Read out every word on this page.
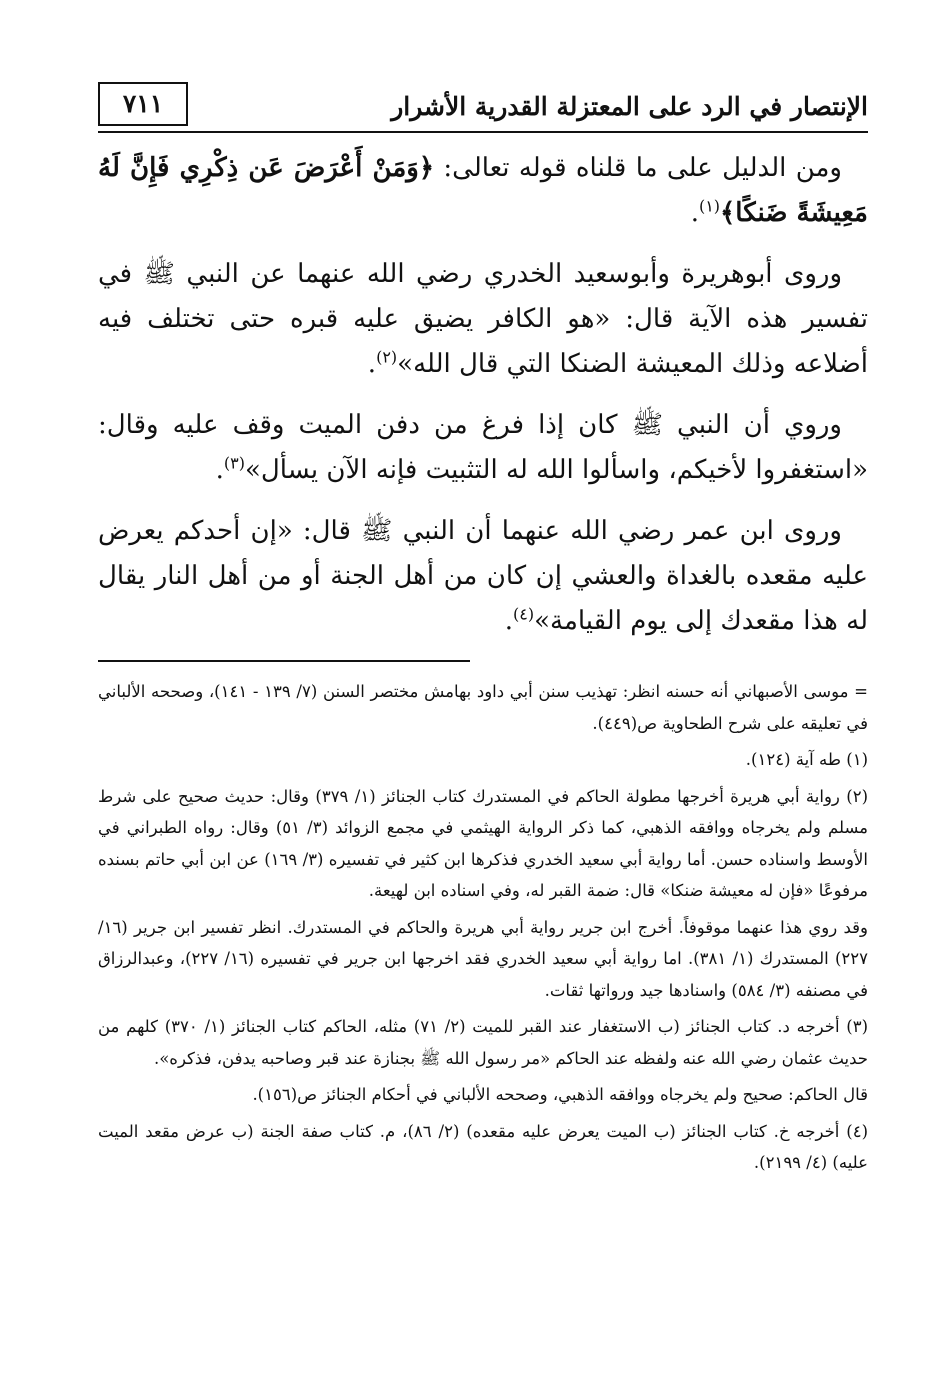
الإنتصار في الرد على المعتزلة القدرية الأشرار
٧١١

ومن الدليل على ما قلناه قوله تعالى: ﴿وَمَنْ أَعْرَضَ عَن ذِكْرِي فَإِنَّ لَهُ مَعِيشَةً ضَنكًا﴾$^{(١)}$.

وروى أبوهريرة وأبوسعيد الخدري رضي الله عنهما عن النبي ﷺ في تفسير هذه الآية قال: «هو الكافر يضيق عليه قبره حتى تختلف فيه أضلاعه وذلك المعيشة الضنكا التي قال الله»$^{(٢)}$.

وروي أن النبي ﷺ كان إذا فرغ من دفن الميت وقف عليه وقال: «استغفروا لأخيكم، واسألوا الله له التثبيت فإنه الآن يسأل»$^{(٣)}$.

وروى ابن عمر رضي الله عنهما أن النبي ﷺ قال: «إن أحدكم يعرض عليه مقعده بالغداة والعشي إن كان من أهل الجنة أو من أهل النار يقال له هذا مقعدك إلى يوم القيامة»$^{(٤)}$.

= موسى الأصبهاني أنه حسنه انظر: تهذيب سنن أبي داود بهامش مختصر السنن (٧/ ١٣٩ - ١٤١)، وصححه الألباني في تعليقه على شرح الطحاوية ص(٤٤٩).

(١) طه آية (١٢٤).

(٢) رواية أبي هريرة أخرجها مطولة الحاكم في المستدرك كتاب الجنائز (١/ ٣٧٩) وقال: حديث صحيح على شرط مسلم ولم يخرجاه ووافقه الذهبي، كما ذكر الرواية الهيثمي في مجمع الزوائد (٣/ ٥١) وقال: رواه الطبراني في الأوسط واسناده حسن. أما رواية أبي سعيد الخدري فذكرها ابن كثير في تفسيره (٣/ ١٦٩) عن ابن أبي حاتم بسنده مرفوعًا «فإن له معيشة ضنكا» قال: ضمة القبر له، وفي اسناده ابن لهيعة.

وقد روي هذا عنهما موقوفاً. أخرج ابن جرير رواية أبي هريرة والحاكم في المستدرك. انظر تفسير ابن جرير (١٦/ ٢٢٧) المستدرك (١/ ٣٨١). اما رواية أبي سعيد الخدري فقد اخرجها ابن جرير في تفسيره (١٦/ ٢٢٧)، وعبدالرزاق في مصنفه (٣/ ٥٨٤) واسنادها جيد ورواتها ثقات.

(٣) أخرجه د. كتاب الجنائز (ب الاستغفار عند القبر للميت (٢/ ٧١) مثله، الحاكم كتاب الجنائز (١/ ٣٧٠) كلهم من حديث عثمان رضي الله عنه ولفظه عند الحاكم «مر رسول الله ﷺ بجنازة عند قبر وصاحبه يدفن، فذكره».

قال الحاكم: صحيح ولم يخرجاه ووافقه الذهبي، وصححه الألباني في أحكام الجنائز ص(١٥٦).

(٤) أخرجه خ. كتاب الجنائز (ب الميت يعرض عليه مقعده) (٢/ ٨٦)، م. كتاب صفة الجنة (ب عرض مقعد الميت عليه) (٤/ ٢١٩٩).
